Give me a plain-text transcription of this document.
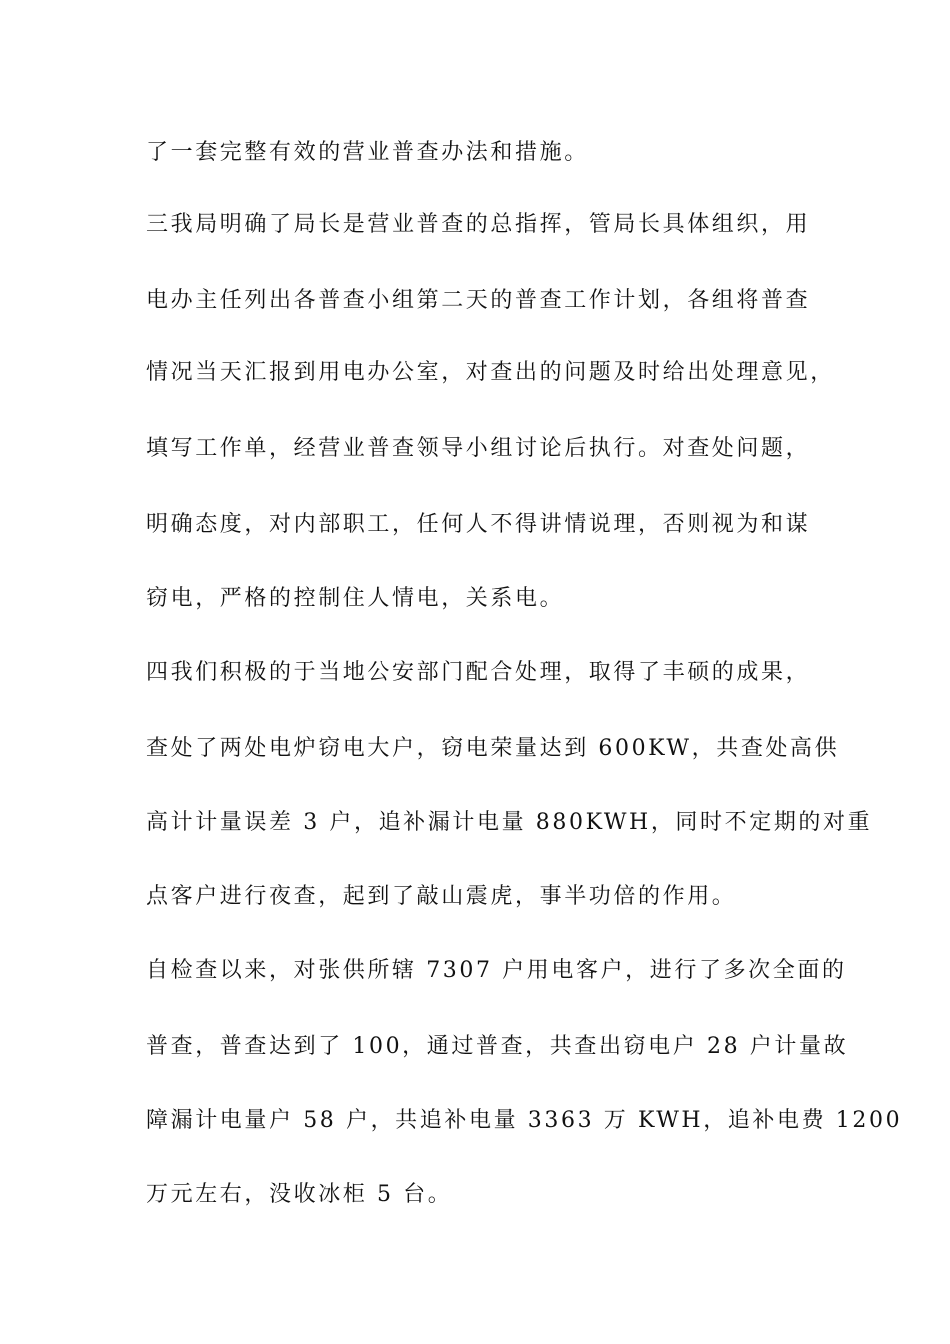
了一套完整有效的营业普查办法和措施。

三我局明确了局长是营业普查的总指挥，管局长具体组织，用

电办主任列出各普查小组第二天的普查工作计划，各组将普查

情况当天汇报到用电办公室，对查出的问题及时给出处理意见，

填写工作单，经营业普查领导小组讨论后执行。对查处问题，

明确态度，对内部职工，任何人不得讲情说理，否则视为和谋

窃电，严格的控制住人情电，关系电。

四我们积极的于当地公安部门配合处理，取得了丰硕的成果，

查处了两处电炉窃电大户，窃电荣量达到 600KW，共查处高供

高计计量误差 3 户，追补漏计电量 880KWH，同时不定期的对重

点客户进行夜查，起到了敲山震虎，事半功倍的作用。

自检查以来，对张供所辖 7307 户用电客户，进行了多次全面的

普查，普查达到了 100，通过普查，共查出窃电户 28 户计量故

障漏计电量户 58 户，共追补电量 3363 万 KWH，追补电费 1200

万元左右，没收冰柜 5 台。
